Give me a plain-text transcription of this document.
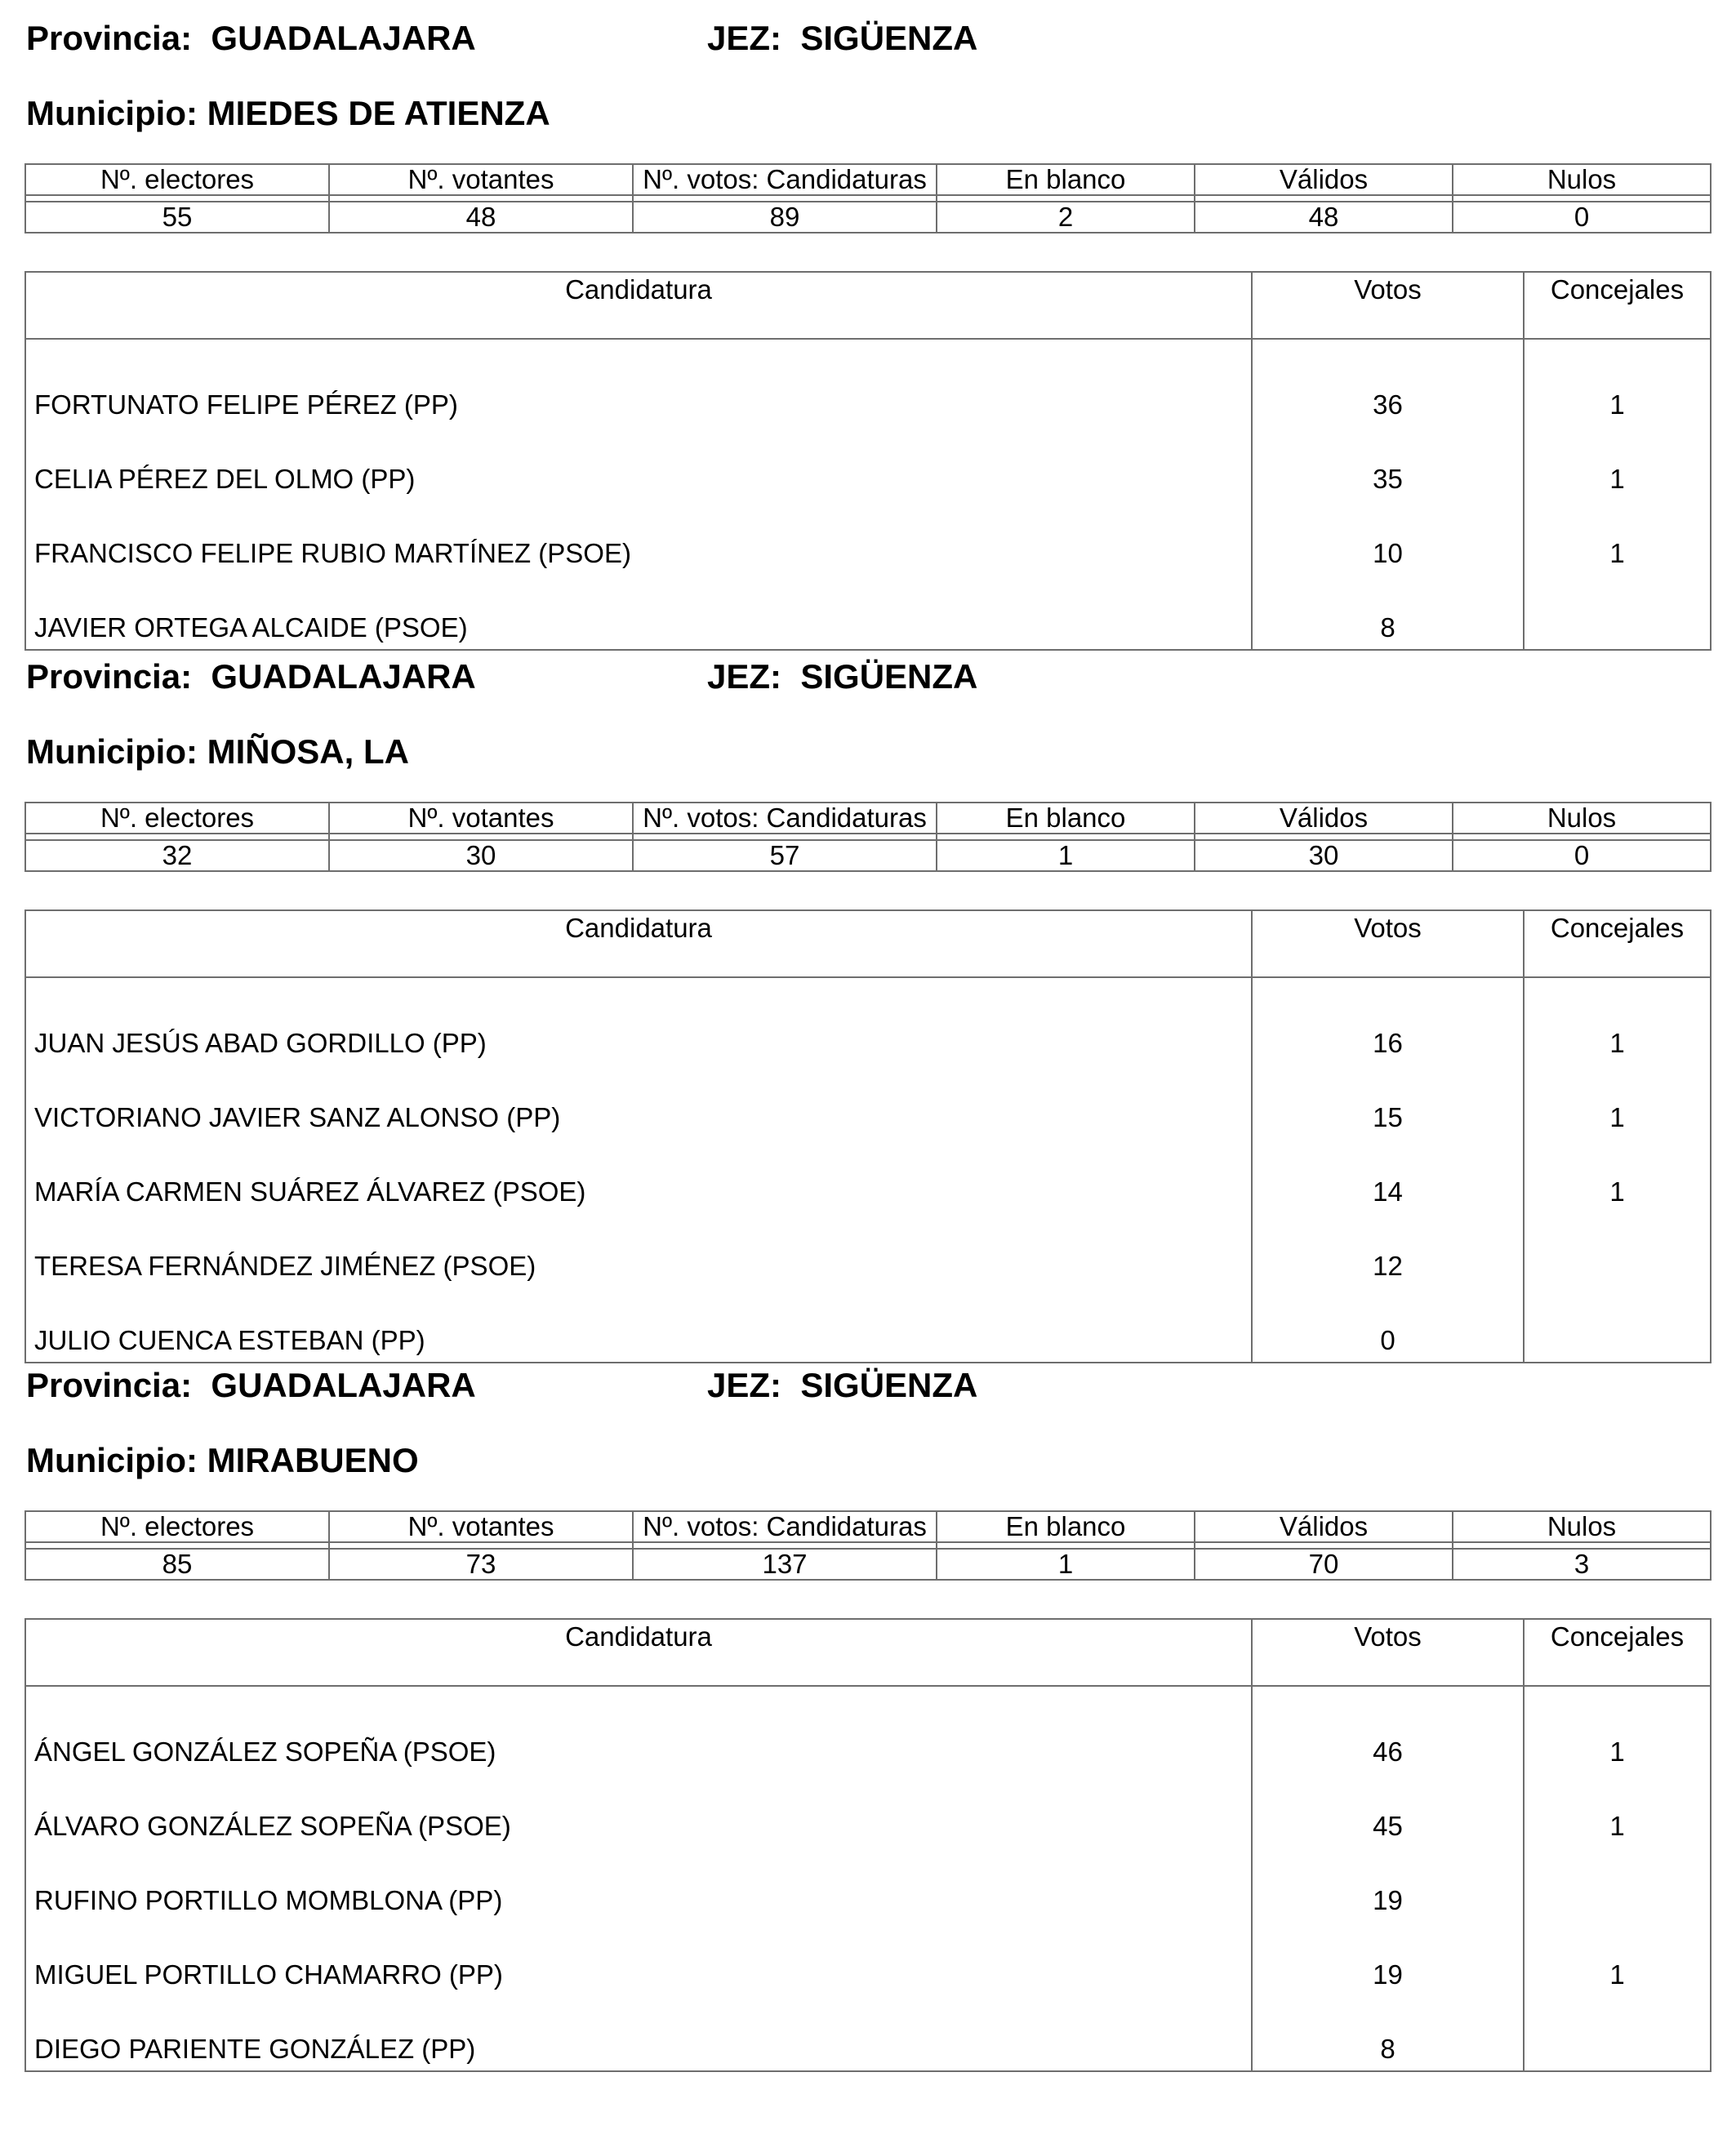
Provincia: GUADALAJARA	JEZ: SIGÜENZA
Municipio: MIEDES DE ATIENZA
Nº. electores	Nº. votantes	Nº. votos: Candidaturas	En blanco	Válidos	Nulos

55	48	89	2	48	0
Candidatura	Votos	Concejales
FORTUNATO FELIPE PÉREZ (PP)	36	1
CELIA PÉREZ DEL OLMO (PP)	35	1
FRANCISCO FELIPE RUBIO MARTÍNEZ (PSOE)	10	1
JAVIER ORTEGA ALCAIDE (PSOE)	8	
Provincia: GUADALAJARA	JEZ: SIGÜENZA
Municipio: MIÑOSA, LA
Nº. electores	Nº. votantes	Nº. votos: Candidaturas	En blanco	Válidos	Nulos

32	30	57	1	30	0
Candidatura	Votos	Concejales
JUAN JESÚS ABAD GORDILLO (PP)	16	1
VICTORIANO JAVIER SANZ ALONSO (PP)	15	1
MARÍA CARMEN SUÁREZ ÁLVAREZ (PSOE)	14	1
TERESA FERNÁNDEZ JIMÉNEZ (PSOE)	12	
JULIO CUENCA ESTEBAN (PP)	0	
Provincia: GUADALAJARA	JEZ: SIGÜENZA
Municipio: MIRABUENO
Nº. electores	Nº. votantes	Nº. votos: Candidaturas	En blanco	Válidos	Nulos

85	73	137	1	70	3
Candidatura	Votos	Concejales
ÁNGEL GONZÁLEZ SOPEÑA (PSOE)	46	1
ÁLVARO GONZÁLEZ SOPEÑA (PSOE)	45	1
RUFINO PORTILLO MOMBLONA (PP)	19	
MIGUEL PORTILLO CHAMARRO (PP)	19	1
DIEGO PARIENTE GONZÁLEZ (PP)	8	
